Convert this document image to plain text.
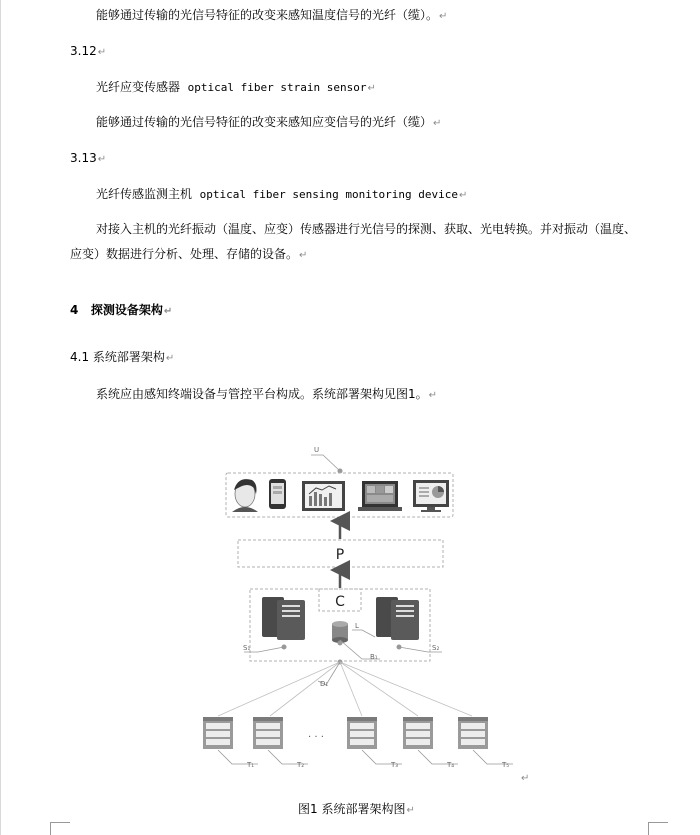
能够通过传输的光信号特征的改变来感知温度信号的光纤（缆）。↵
3.12↵
光纤应变传感器 optical fiber strain sensor↵
能够通过传输的光信号特征的改变来感知应变信号的光纤（缆）↵
3.13↵
光纤传感监测主机 optical fiber sensing monitoring device↵
对接入主机的光纤振动（温度、应变）传感器进行光信号的探测、获取、光电转换。并对振动（温度、
应变）数据进行分析、处理、存储的设备。↵
4 探测设备架构↵
4.1 系统部署架构↵
系统应由感知终端设备与管控平台构成。系统部署架构见图1。↵
U
P
C
L
S₁	S₂
B₁
D₁
· · ·
T₁	T₂	T₃	T₄	T₅
↵
图1 系统部署架构图↵
